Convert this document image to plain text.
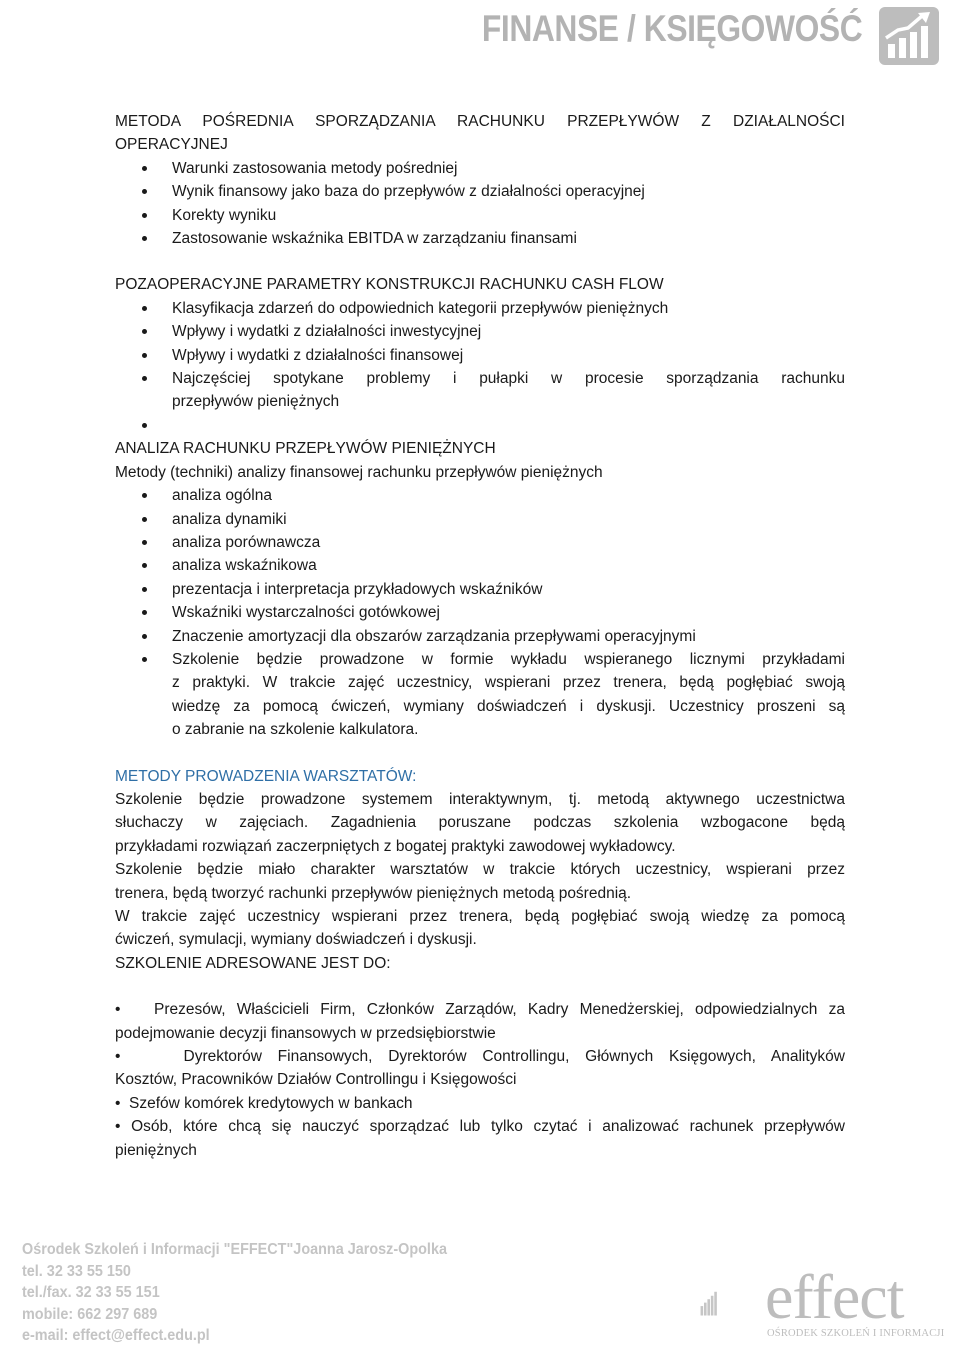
FINANSE / KSIĘGOWOŚĆ

METODA POŚREDNIA SPORZĄDZANIA RACHUNKU PRZEPŁYWÓW Z DZIAŁALNOŚCI

OPERACYJNEJ

Warunki zastosowania metody pośredniej
Wynik finansowy jako baza do przepływów z działalności operacyjnej
Korekty wyniku
Zastosowanie wskaźnika EBITDA w zarządzaniu finansami

POZAOPERACYJNE PARAMETRY KONSTRUKCJI RACHUNKU CASH FLOW

Klasyfikacja zdarzeń do odpowiednich kategorii przepływów pieniężnych
Wpływy i wydatki z działalności inwestycyjnej
Wpływy i wydatki z działalności finansowej
Najczęściej spotykane problemy i pułapki w procesie sporządzania rachunku
przepływów pieniężnych

ANALIZA RACHUNKU PRZEPŁYWÓW PIENIĘŻNYCH

Metody (techniki) analizy finansowej rachunku przepływów pieniężnych

analiza ogólna
analiza dynamiki
analiza porównawcza
analiza wskaźnikowa
prezentacja i interpretacja przykładowych wskaźników
Wskaźniki wystarczalności gotówkowej
Znaczenie amortyzacji dla obszarów zarządzania przepływami operacyjnymi
Szkolenie będzie prowadzone w formie wykładu wspieranego licznymi przykładami
z praktyki. W trakcie zajęć uczestnicy, wspierani przez trenera, będą pogłębiać swoją
wiedzę za pomocą ćwiczeń, wymiany doświadczeń i dyskusji. Uczestnicy proszeni są
o zabranie na szkolenie kalkulatora.

METODY PROWADZENIA WARSZTATÓW:

Szkolenie będzie prowadzone systemem interaktywnym, tj. metodą aktywnego uczestnictwa

słuchaczy w zajęciach. Zagadnienia poruszane podczas szkolenia wzbogacone będą

przykładami rozwiązań zaczerpniętych z bogatej praktyki zawodowej wykładowcy.

Szkolenie będzie miało charakter warsztatów w trakcie których uczestnicy, wspierani przez

trenera, będą tworzyć rachunki przepływów pieniężnych metodą pośrednią.

W trakcie zajęć uczestnicy wspierani przez trenera, będą pogłębiać swoją wiedzę za pomocą

ćwiczeń, symulacji, wymiany doświadczeń i dyskusji.

SZKOLENIE ADRESOWANE JEST DO:

•   Prezesów, Właścicieli Firm, Członków Zarządów, Kadry Menedżerskiej, odpowiedzialnych za

podejmowanie decyzji finansowych w przedsiębiorstwie

•    Dyrektorów Finansowych, Dyrektorów Controllingu, Głównych Księgowych, Analityków

Kosztów, Pracowników Działów Controllingu i Księgowości

•  Szefów komórek kredytowych w bankach

• Osób, które chcą się nauczyć sporządzać lub tylko czytać i analizować rachunek przepływów

pieniężnych

Ośrodek Szkoleń i Informacji "EFFECT"Joanna Jarosz-Opolka
tel. 32 33 55 150
tel./fax. 32 33 55 151
mobile: 662 297 689
e-mail: effect@effect.edu.pl
effect
OŚRODEK SZKOLEŃ I INFORMACJI
